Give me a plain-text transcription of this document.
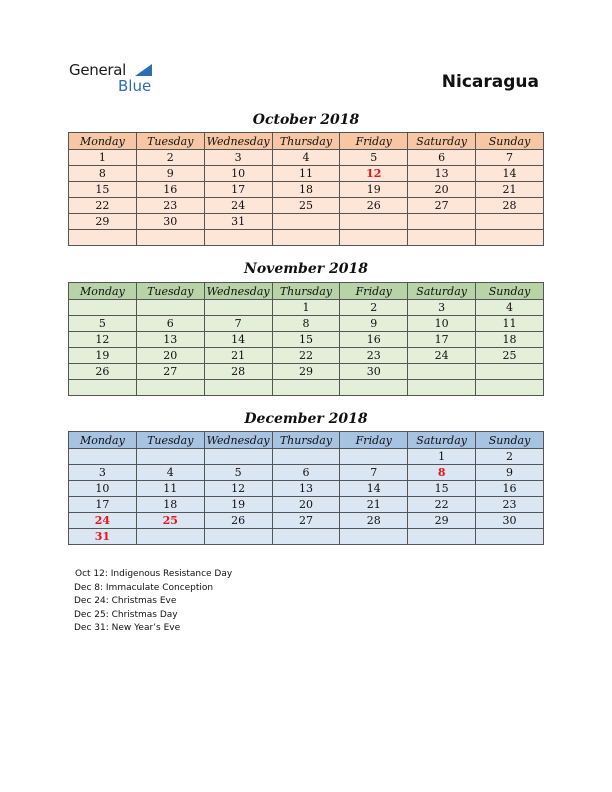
General
Blue	Nicaragua
October 2018
Monday	Tuesday	Wednesday	Thursday	Friday	Saturday	Sunday
1	2	3	4	5	6	7
8	9	10	11	12	13	14
15	16	17	18	19	20	21
22	23	24	25	26	27	28
29	30	31				

November 2018
Monday	Tuesday	Wednesday	Thursday	Friday	Saturday	Sunday
			1	2	3	4
5	6	7	8	9	10	11
12	13	14	15	16	17	18
19	20	21	22	23	24	25
26	27	28	29	30		

December 2018
Monday	Tuesday	Wednesday	Thursday	Friday	Saturday	Sunday
					1	2
3	4	5	6	7	8	9
10	11	12	13	14	15	16
17	18	19	20	21	22	23
24	25	26	27	28	29	30
31						
Oct 12: Indigenous Resistance Day
Dec 8: Immaculate Conception
Dec 24: Christmas Eve
Dec 25: Christmas Day
Dec 31: New Year’s Eve
